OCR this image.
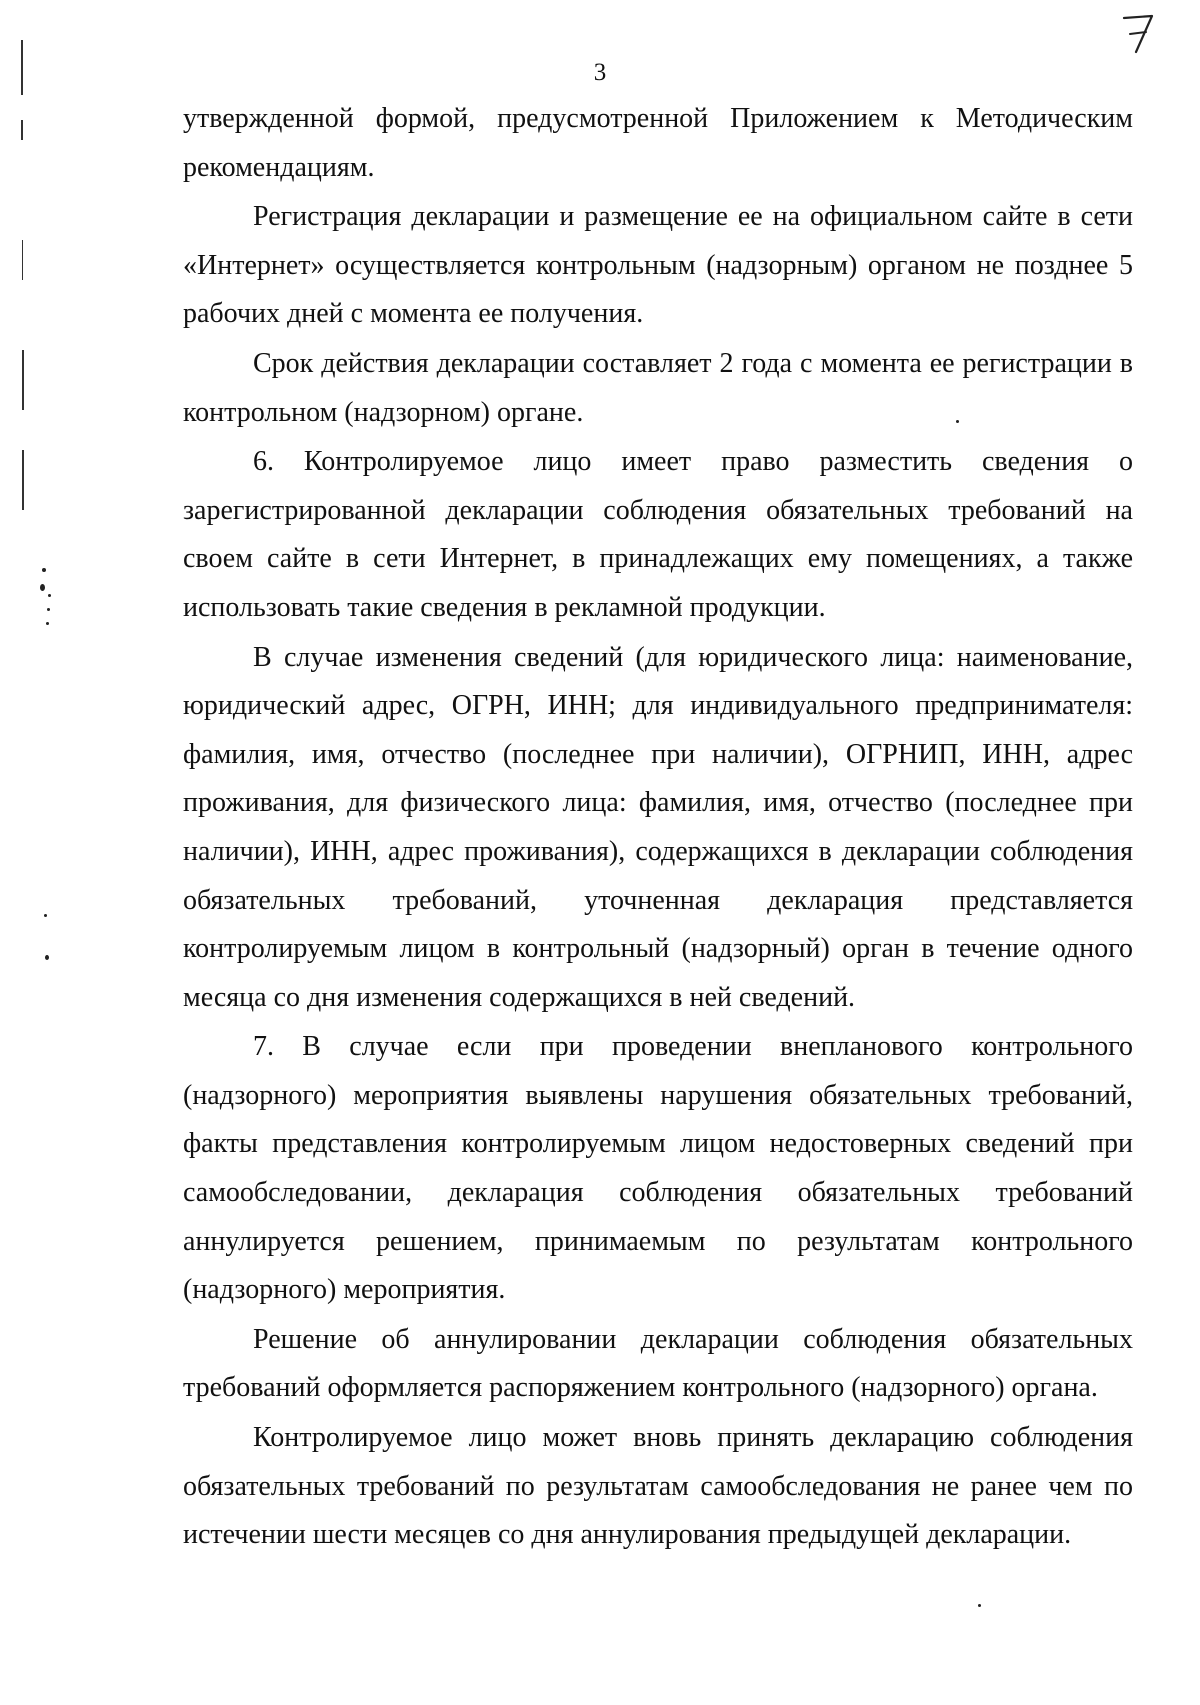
3

утвержденной формой, предусмотренной Приложением к Методическим рекомендациям.

Регистрация декларации и размещение ее на официальном сайте в сети «Интернет» осуществляется контрольным (надзорным) органом не позднее 5 рабочих дней с момента ее получения.

Срок действия декларации составляет 2 года с момента ее регистрации в контрольном (надзорном) органе.

6. Контролируемое лицо имеет право разместить сведения о зарегистрированной декларации соблюдения обязательных требований на своем сайте в сети Интернет, в принадлежащих ему помещениях, а также использовать такие сведения в рекламной продукции.

В случае изменения сведений (для юридического лица: наименование, юридический адрес, ОГРН, ИНН; для индивидуального предпринимателя: фамилия, имя, отчество (последнее при наличии), ОГРНИП, ИНН, адрес проживания, для физического лица: фамилия, имя, отчество (последнее при наличии), ИНН, адрес проживания), содержащихся в декларации соблюдения обязательных требований, уточненная декларация представляется контролируемым лицом в контрольный (надзорный) орган в течение одного месяца со дня изменения содержащихся в ней сведений.

7. В случае если при проведении внепланового контрольного (надзорного) мероприятия выявлены нарушения обязательных требований, факты представления контролируемым лицом недостоверных сведений при самообследовании, декларация соблюдения обязательных требований аннулируется решением, принимаемым по результатам контрольного (надзорного) мероприятия.

Решение об аннулировании декларации соблюдения обязательных требований оформляется распоряжением контрольного (надзорного) органа.

Контролируемое лицо может вновь принять декларацию соблюдения обязательных требований по результатам самообследования не ранее чем по истечении шести месяцев со дня аннулирования предыдущей декларации.
